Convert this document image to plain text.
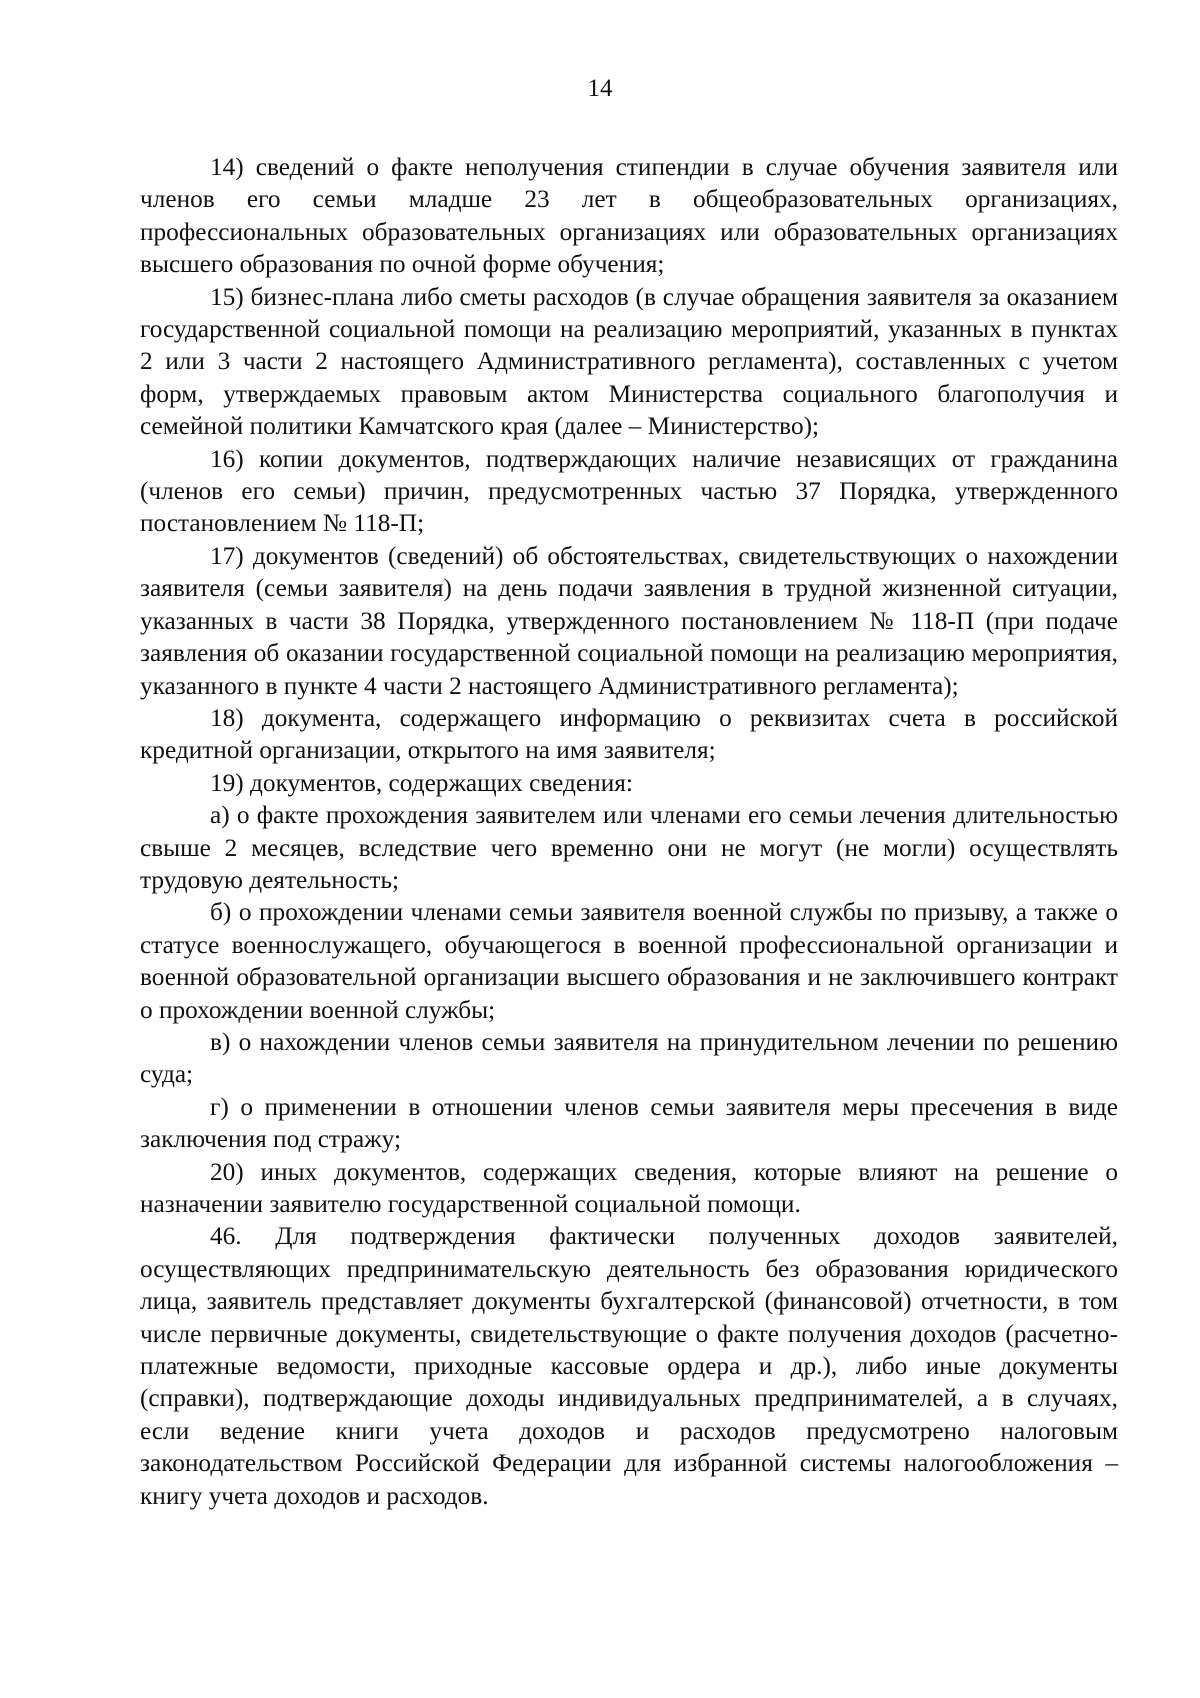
14

14) сведений о факте неполучения стипендии в случае обучения заявителя или членов его семьи младше 23 лет в общеобразовательных организациях, профессиональных образовательных организациях или образовательных организациях высшего образования по очной форме обучения;

15) бизнес-плана либо сметы расходов (в случае обращения заявителя за оказанием государственной социальной помощи на реализацию мероприятий, указанных в пунктах 2 или 3 части 2 настоящего Административного регламента), составленных с учетом форм, утверждаемых правовым актом Министерства социального благополучия и семейной политики Камчатского края (далее – Министерство);

16) копии документов, подтверждающих наличие независящих от гражданина (членов его семьи) причин, предусмотренных частью 37 Порядка, утвержденного постановлением № 118-П;

17) документов (сведений) об обстоятельствах, свидетельствующих о нахождении заявителя (семьи заявителя) на день подачи заявления в трудной жизненной ситуации, указанных в части 38 Порядка, утвержденного постановлением № 118-П (при подаче заявления об оказании государственной социальной помощи на реализацию мероприятия, указанного в пункте 4 части 2 настоящего Административного регламента);

18) документа, содержащего информацию о реквизитах счета в российской кредитной организации, открытого на имя заявителя;

19) документов, содержащих сведения:

а) о факте прохождения заявителем или членами его семьи лечения длительностью свыше 2 месяцев, вследствие чего временно они не могут (не могли) осуществлять трудовую деятельность;

б) о прохождении членами семьи заявителя военной службы по призыву, а также о статусе военнослужащего, обучающегося в военной профессиональной организации и военной образовательной организации высшего образования и не заключившего контракт о прохождении военной службы;

в) о нахождении членов семьи заявителя на принудительном лечении по решению суда;

г) о применении в отношении членов семьи заявителя меры пресечения в виде заключения под стражу;

20) иных документов, содержащих сведения, которые влияют на решение о назначении заявителю государственной социальной помощи.

46. Для подтверждения фактически полученных доходов заявителей, осуществляющих предпринимательскую деятельность без образования юридического лица, заявитель представляет документы бухгалтерской (финансовой) отчетности, в том числе первичные документы, свидетельствующие о факте получения доходов (расчетно-платежные ведомости, приходные кассовые ордера и др.), либо иные документы (справки), подтверждающие доходы индивидуальных предпринимателей, а в случаях, если ведение книги учета доходов и расходов предусмотрено налоговым законодательством Российской Федерации для избранной системы налогообложения – книгу учета доходов и расходов.
